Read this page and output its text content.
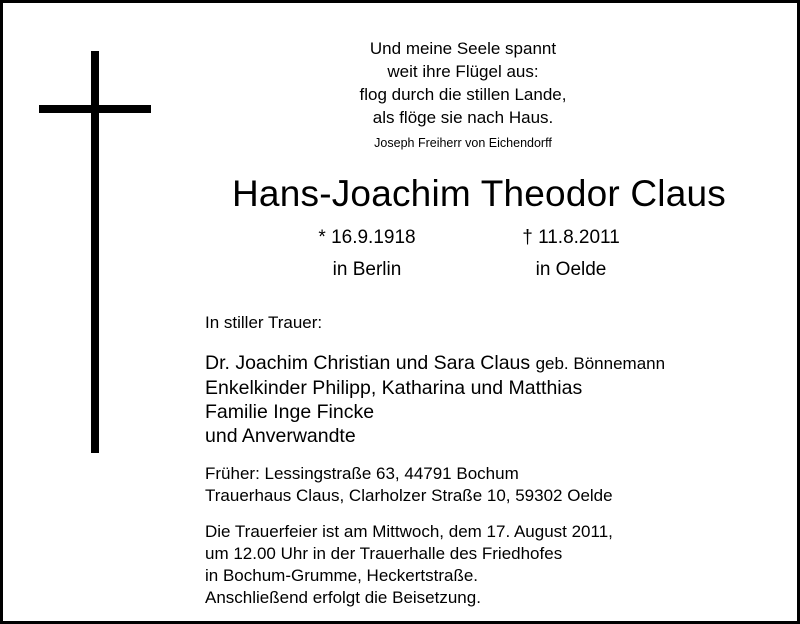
Und meine Seele spannt
weit ihre Flügel aus:
flog durch die stillen Lande,
als flöge sie nach Haus.
Joseph Freiherr von Eichendorff
Hans-Joachim Theodor Claus
* 16.9.1918
in Berlin
† 11.8.2011
in Oelde
In stiller Trauer:
Dr. Joachim Christian und Sara Claus geb. Bönnemann
Enkelkinder Philipp, Katharina und Matthias
Familie Inge Fincke
und Anverwandte
Früher: Lessingstraße 63, 44791 Bochum
Trauerhaus Claus, Clarholzer Straße 10, 59302 Oelde
Die Trauerfeier ist am Mittwoch, dem 17. August 2011,
um 12.00 Uhr in der Trauerhalle des Friedhofes
in Bochum-Grumme, Heckertstraße.
Anschließend erfolgt die Beisetzung.
